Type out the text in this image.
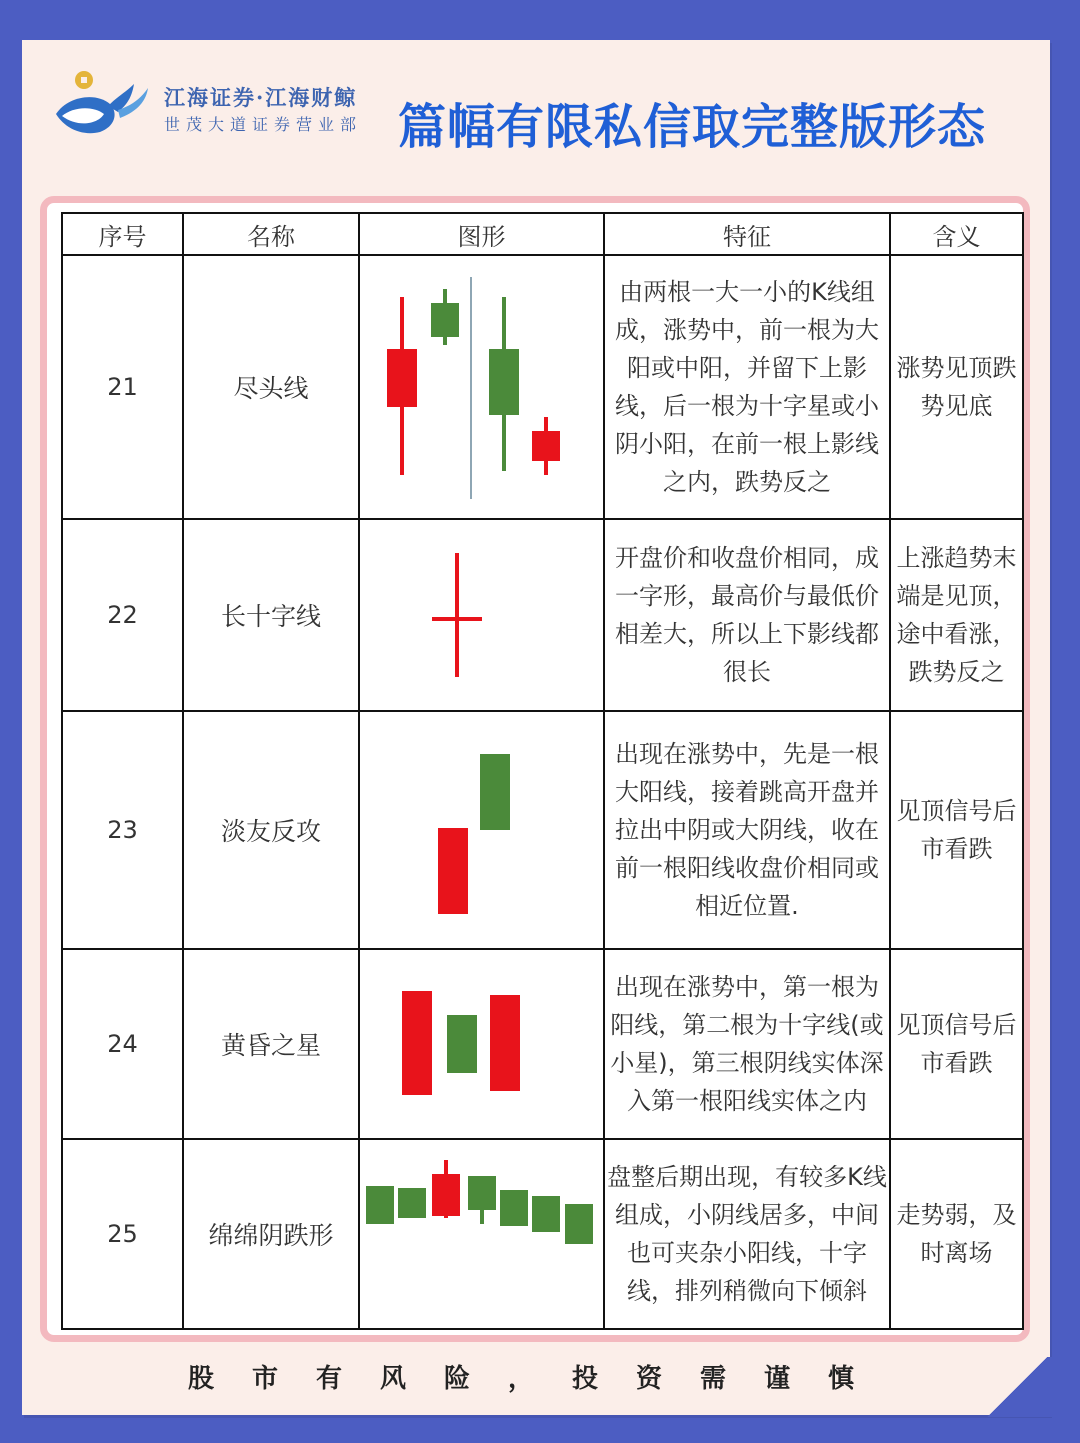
江海证券·江海财鲸
世茂大道证券营业部 篇幅有限私信取完整版形态
序号	名称	图形	特征	含义
21	尽头线		由两根一大一小的K线组成，涨势中，前一根为大阳或中阳，并留下上影线，后一根为十字星或小阴小阳，在前一根上影线之内，跌势反之	涨势见顶跌势见底
22	长十字线		开盘价和收盘价相同，成一字形，最高价与最低价相差大，所以上下影线都很长	上涨趋势末端是见顶，途中看涨，跌势反之
23	淡友反攻		出现在涨势中，先是一根大阳线，接着跳高开盘并拉出中阴或大阴线，收在前一根阳线收盘价相同或相近位置.	见顶信号后市看跌
24	黄昏之星		出现在涨势中，第一根为阳线，第二根为十字线(或小星)，第三根阴线实体深入第一根阳线实体之内	见顶信号后市看跌
25	绵绵阴跌形		盘整后期出现，有较多K线组成，小阴线居多，中间也可夹杂小阳线，十字线，排列稍微向下倾斜	走势弱，及时离场
股市有风险，投资需谨慎
